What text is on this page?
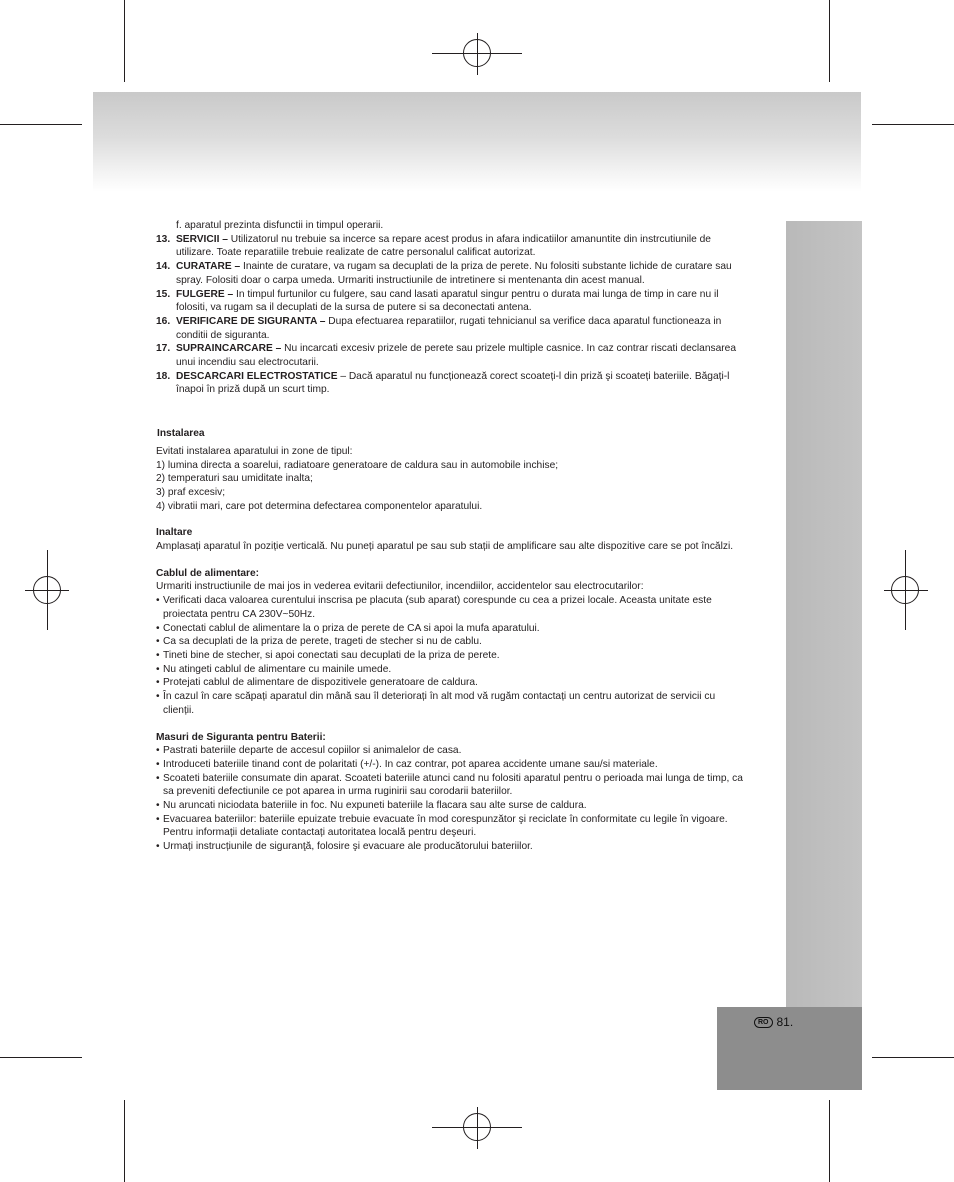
RO 81.

f. aparatul prezinta disfunctii in timpul operarii.

13. SERVICII – Utilizatorul nu trebuie sa incerce sa repare acest produs in afara indicatiilor amanuntite din instrcutiunile de utilizare. Toate reparatiile trebuie realizate de catre personalul calificat autorizat.
14. CURATARE – Inainte de curatare, va rugam sa decuplati de la priza de perete. Nu folositi substante lichide de curatare sau spray. Folositi doar o carpa umeda. Urmariti instructiunile de intretinere si mentenanta din acest manual.
15. FULGERE – In timpul furtunilor cu fulgere, sau cand lasati aparatul singur pentru o durata mai lunga de timp in care nu il folositi, va rugam sa il decuplati de la sursa de putere si sa deconectati antena.
16. VERIFICARE DE SIGURANTA – Dupa efectuarea reparatiilor, rugati tehnicianul sa verifice daca aparatul functioneaza in conditii de siguranta.
17. SUPRAINCARCARE – Nu incarcati excesiv prizele de perete sau prizele multiple casnice. In caz contrar riscati declansarea unui incendiu sau electrocutarii.
18. DESCARCARI ELECTROSTATICE – Dacă aparatul nu funcționează corect scoateți-l din priză şi scoateți bateriile. Băgați-l înapoi în priză după un scurt timp.

Instalarea

Evitati instalarea aparatului in zone de tipul:

1) lumina directa a soarelui, radiatoare generatoare de caldura sau in automobile inchise;

2) temperaturi sau umiditate inalta;

3) praf excesiv;

4) vibratii mari, care pot determina defectarea componentelor aparatului.

Inaltare

Amplasați aparatul în poziție verticală. Nu puneți aparatul pe sau sub stații de amplificare sau alte dispozitive care se pot încălzi.

Cablul de alimentare:

Urmariti instructiunile de mai jos in vederea evitarii defectiunilor, incendiilor, accidentelor sau electrocutarilor:

• Verificati daca valoarea curentului inscrisa pe placuta (sub aparat) corespunde cu cea a prizei locale. Aceasta unitate este proiectata pentru CA 230V~50Hz.
• Conectati cablul de alimentare la o priza de perete de CA si apoi la mufa aparatului.
• Ca sa decuplati de la priza de perete, trageti de stecher si nu de cablu.
• Tineti bine de stecher, si apoi conectati sau decuplati de la priza de perete.
• Nu atingeti cablul de alimentare cu mainile umede.
• Protejati cablul de alimentare de dispozitivele generatoare de caldura.
• În cazul în care scăpați aparatul din mână sau îl deteriorați în alt mod vă rugăm contactați un centru autorizat de servicii cu clienții.

Masuri de Siguranta pentru Baterii:

• Pastrati bateriile departe de accesul copiilor si animalelor de casa.
• Introduceti bateriile tinand cont de polaritati (+/-). In caz contrar, pot aparea accidente umane sau/si materiale.
• Scoateti bateriile consumate din aparat. Scoateti bateriile atunci cand nu folositi aparatul pentru o perioada mai lunga de timp, ca sa preveniti defectiunile ce pot aparea in urma ruginirii sau corodarii bateriilor.
• Nu aruncati niciodata bateriile in foc. Nu expuneti bateriile la flacara sau alte surse de caldura.
• Evacuarea bateriilor: bateriile epuizate trebuie evacuate în mod corespunzător şi reciclate în conformitate cu legile în vigoare. Pentru informații detaliate contactați autoritatea locală pentru deşeuri.
• Urmați instrucțiunile de siguranţă, folosire şi evacuare ale producătorului bateriilor.
